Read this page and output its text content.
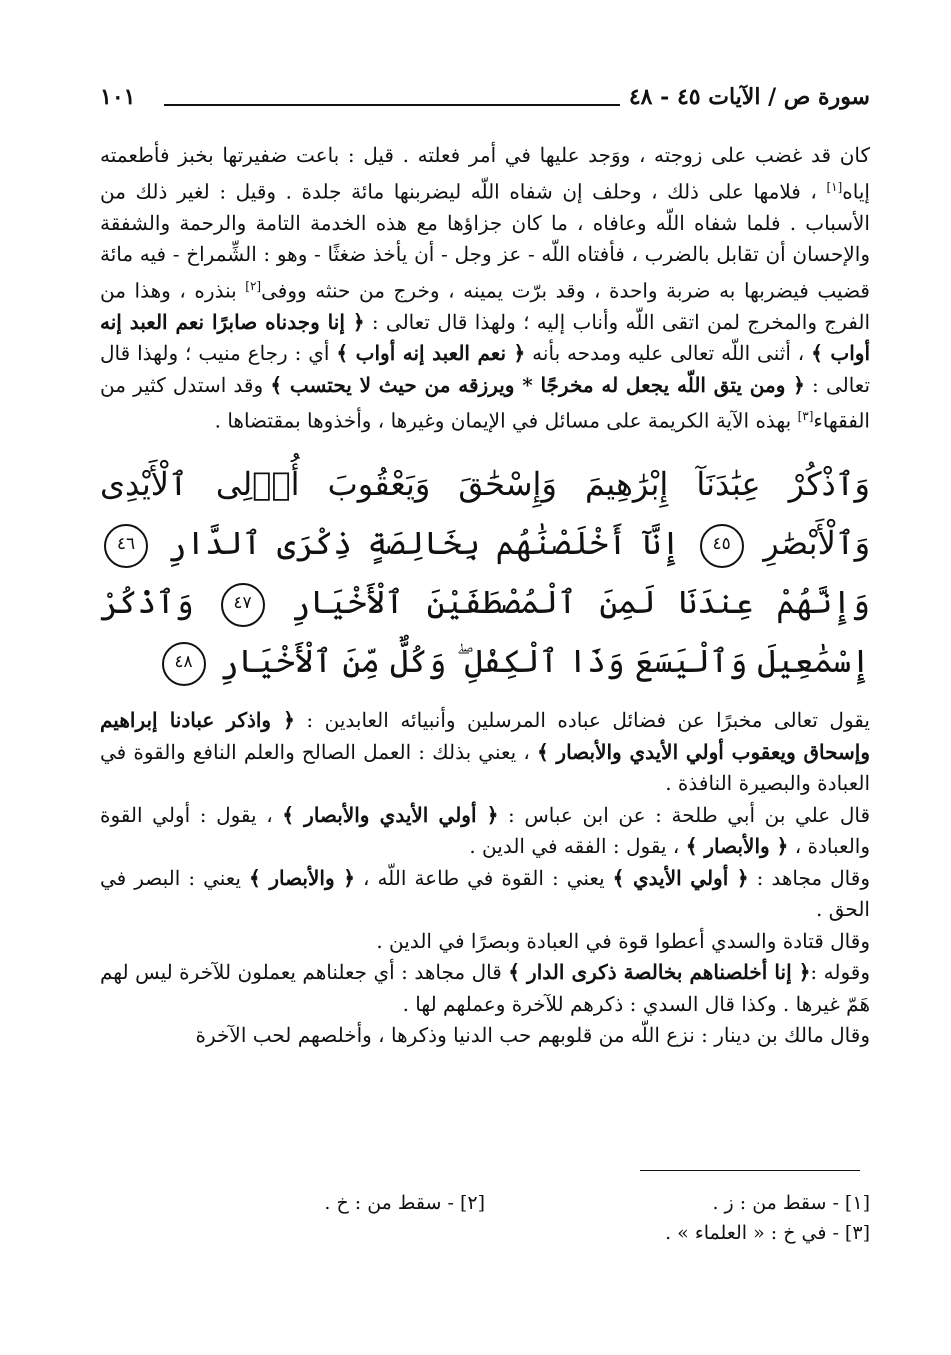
سورة ص / الآيات ٤٥ - ٤٨
١٠١

كان قد غضب على زوجته ، ووَجد عليها في أمر فعلته . قيل : باعت ضفيرتها بخبز فأطعمته إياه[١] ، فلامها على ذلك ، وحلف إن شفاه اللّه ليضربنها مائة جلدة . وقيل : لغير ذلك من الأسباب . فلما شفاه اللّه وعافاه ، ما كان جزاؤها مع هذه الخدمة التامة والرحمة والشفقة والإحسان أن تقابل بالضرب ، فأفتاه اللّه - عز وجل - أن يأخذ ضغثًا - وهو : الشِّمراخ - فيه مائة قضيب فيضربها به ضربة واحدة ، وقد برّت يمينه ، وخرج من حنثه ووفى[٢] بنذره ، وهذا من الفرج والمخرج لمن اتقى اللّه وأناب إليه ؛ ولهذا قال تعالى : ﴿ إنا وجدناه صابرًا نعم العبد إنه أواب ﴾ ، أثنى اللّه تعالى عليه ومدحه بأنه ﴿ نعم العبد إنه أواب ﴾ أي : رجاع منيب ؛ ولهذا قال تعالى : ﴿ ومن يتق اللّه يجعل له مخرجًا * ويرزقه من حيث لا يحتسب ﴾ وقد استدل كثير من الفقهاء[٣] بهذه الآية الكريمة على مسائل في الإيمان وغيرها ، وأخذوها بمقتضاها .

وَٱذْكُرْ عِبَٰدَنَآ إِبْرَٰهِيمَ وَإِسْحَٰقَ وَيَعْقُوبَ أُو۟لِى ٱلْأَيْدِى وَٱلْأَبْصَٰرِ ٤٥ إِنَّآ أَخْلَصْنَٰهُم بِخَالِصَةٍ ذِكْرَى ٱلدَّارِ ٤٦ وَإِنَّهُمْ عِندَنَا لَمِنَ ٱلْمُصْطَفَيْنَ ٱلْأَخْيَارِ ٤٧ وَٱذْكُرْ إِسْمَٰعِيلَ وَٱلْيَسَعَ وَذَا ٱلْكِفْلِ ۖ وَكُلٌّ مِّنَ ٱلْأَخْيَارِ ٤٨

يقول تعالى مخبرًا عن فضائل عباده المرسلين وأنبيائه العابدين : ﴿ واذكر عبادنا إبراهيم وإسحاق ويعقوب أولي الأيدي والأبصار ﴾ ، يعني بذلك : العمل الصالح والعلم النافع والقوة في العبادة والبصيرة النافذة .

قال علي بن أبي طلحة : عن ابن عباس : ﴿ أولي الأيدي والأبصار ﴾ ، يقول : أولي القوة والعبادة ، ﴿ والأبصار ﴾ ، يقول : الفقه في الدين .

وقال مجاهد : ﴿ أولي الأيدي ﴾ يعني : القوة في طاعة اللّه ، ﴿ والأبصار ﴾ يعني : البصر في الحق .

وقال قتادة والسدي أعطوا قوة في العبادة وبصرًا في الدين .

وقوله :﴿ إنا أخلصناهم بخالصة ذكرى الدار ﴾ قال مجاهد : أي جعلناهم يعملون للآخرة ليس لهم هَمّ غيرها . وكذا قال السدي : ذكرهم للآخرة وعملهم لها .

وقال مالك بن دينار : نزع اللّه من قلوبهم حب الدنيا وذكرها ، وأخلصهم لحب الآخرة

[١] - سقط من : ز .
[٢] - سقط من : خ .
[٣] - في خ : « العلماء » .
